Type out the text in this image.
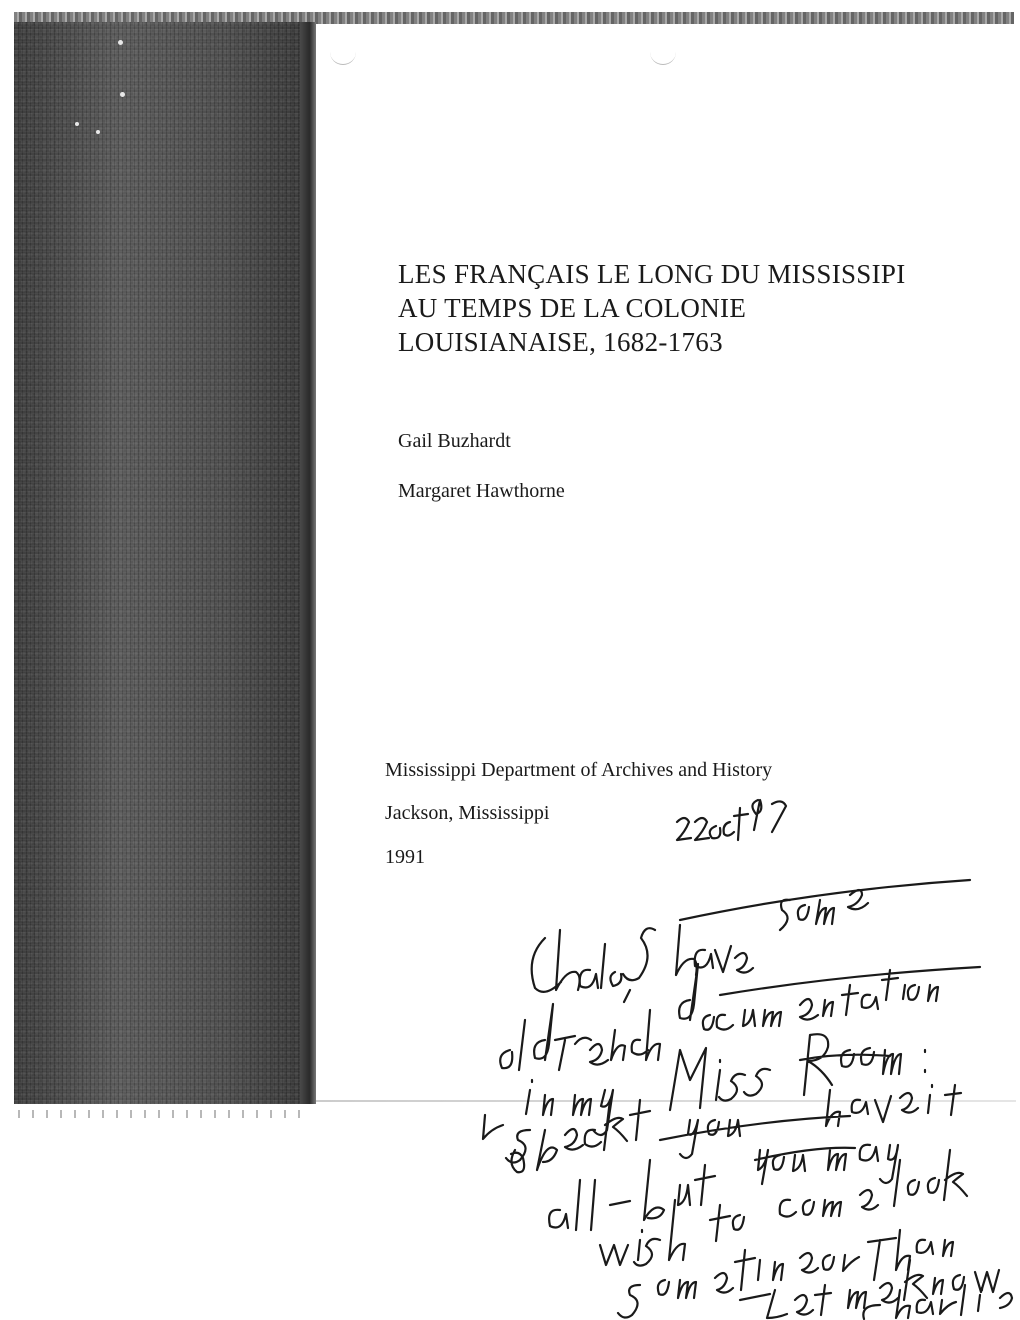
LES FRANÇAIS LE LONG DU MISSISSIPI
AU TEMPS DE LA COLONIE
LOUISIANAISE, 1682-1763
Gail Buzhardt
Margaret Hawthorne
Mississippi Department of Archives and History
Jackson, Mississippi
1991
